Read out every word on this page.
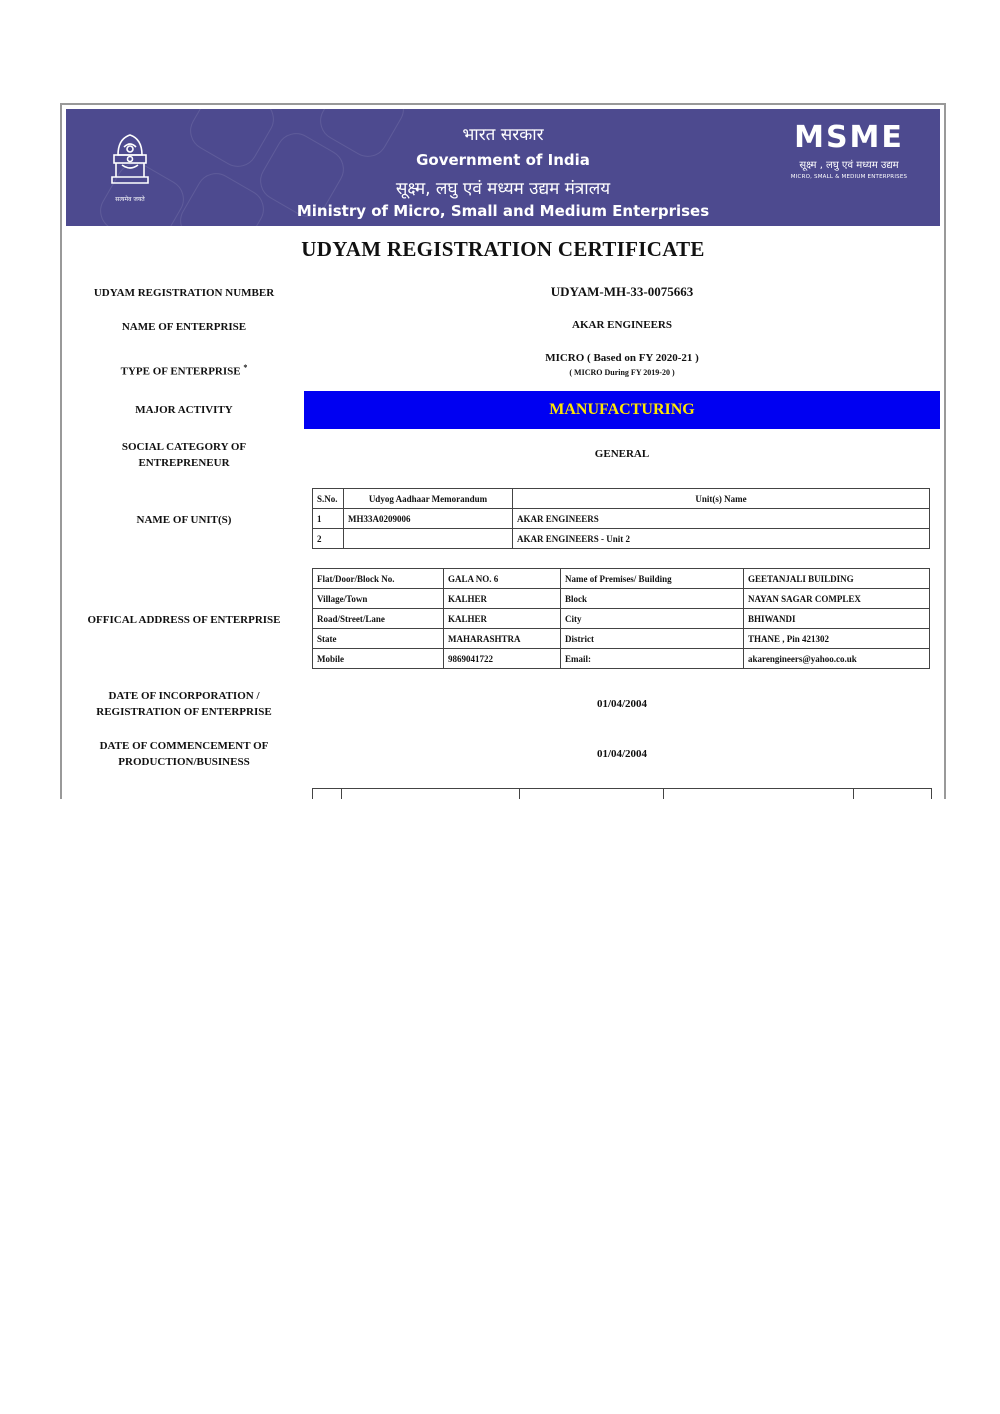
सत्यमेव जयते
भारत सरकार
Government of India
सूक्ष्म, लघु एवं मध्यम उद्यम मंत्रालय
Ministry of Micro, Small and Medium Enterprises
MSME
सूक्ष्म , लघु एवं मध्यम उद्यम
MICRO, SMALL & MEDIUM ENTERPRISES
UDYAM REGISTRATION CERTIFICATE
UDYAM REGISTRATION NUMBER	UDYAM-MH-33-0075663
NAME OF ENTERPRISE	AKAR ENGINEERS
TYPE OF ENTERPRISE *
MICRO ( Based on FY 2020-21 )
( MICRO During FY 2019-20 )
MAJOR ACTIVITY	MANUFACTURING
SOCIAL CATEGORY OF
ENTREPRENEUR
GENERAL
NAME OF UNIT(S)
S.No.	Udyog Aadhaar Memorandum	Unit(s) Name
1	MH33A0209006	AKAR ENGINEERS
2		AKAR ENGINEERS - Unit 2
OFFICAL ADDRESS OF ENTERPRISE
Flat/Door/Block No.	GALA NO. 6	Name of Premises/ Building	GEETANJALI BUILDING
Village/Town	KALHER	Block	NAYAN SAGAR COMPLEX
Road/Street/Lane	KALHER	City	BHIWANDI
State	MAHARASHTRA	District	THANE , Pin 421302
Mobile	9869041722	Email:	akarengineers@yahoo.co.uk
DATE OF INCORPORATION /
REGISTRATION OF ENTERPRISE
01/04/2004
DATE OF COMMENCEMENT OF
PRODUCTION/BUSINESS
01/04/2004
